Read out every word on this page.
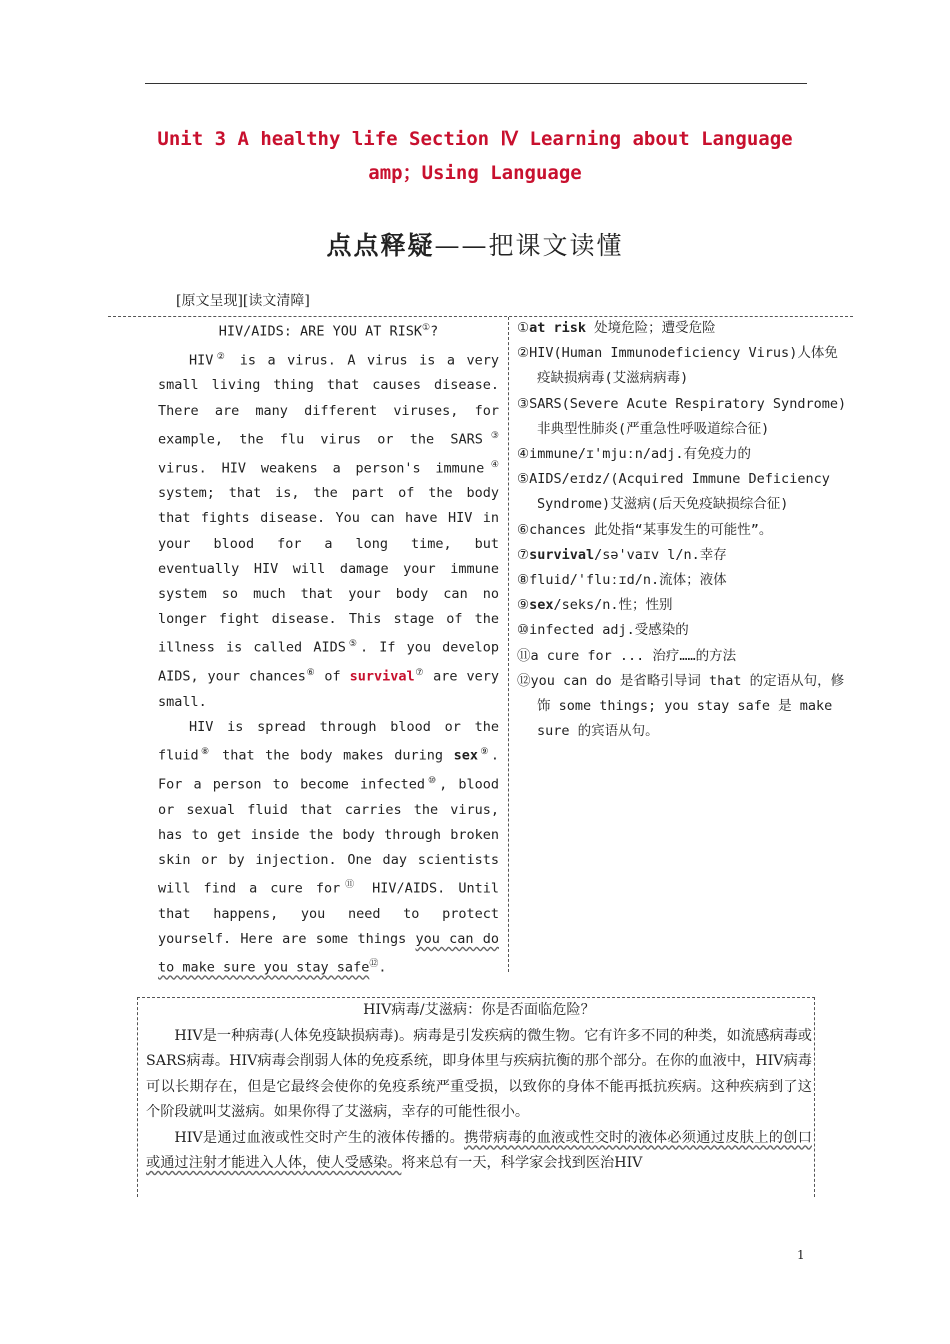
Unit 3 A healthy life Section Ⅳ Learning about Language
amp；Using Language
点点释疑——把课文读懂
[原文呈现][读文清障]
HIV/AIDS: ARE YOU AT RISK①?

HIV② is a virus. A virus is a very small living thing that causes disease. There are many different viruses, for example, the flu virus or the SARS③ virus. HIV weakens a person's immune④ system; that is, the part of the body that fights disease. You can have HIV in your blood for a long time, but eventually HIV will damage your immune system so much that your body can no longer fight disease. This stage of the illness is called AIDS⑤. If you develop AIDS, your chances⑥ of survival⑦ are very small.

HIV is spread through blood or the fluid⑧ that the body makes during sex⑨. For a person to become infected⑩, blood or sexual fluid that carries the virus, has to get inside the body through broken skin or by injection. One day scientists will find a cure for⑪ HIV/AIDS. Until that happens, you need to protect yourself. Here are some things you can do to make sure you stay safe⑫.

①at risk 处境危险；遭受危险
②HIV(Human Immunodeficiency Virus)人体免疫缺损病毒(艾滋病病毒)
③SARS(Severe Acute Respiratory Syndrome)非典型性肺炎(严重急性呼吸道综合征)
④immune/ɪ'mjuːn/adj.有免疫力的
⑤AIDS/eɪdz/(Acquired Immune Deficiency Syndrome)艾滋病(后天免疫缺损综合征)
⑥chances 此处指“某事发生的可能性”。
⑦survival/sə'vaɪv l/n.幸存
⑧fluid/'fluːɪd/n.流体；液体
⑨sex/seks/n.性；性别
⑩infected adj.受感染的
⑪a cure for ... 治疗……的方法
⑫you can do 是省略引导词 that 的定语从句，修饰 some things; you stay safe 是 make sure 的宾语从句。
HIV病毒/艾滋病：你是否面临危险？

HIV是一种病毒(人体免疫缺损病毒)。病毒是引发疾病的微生物。它有许多不同的种类，如流感病毒或SARS病毒。HIV病毒会削弱人体的免疫系统，即身体里与疾病抗衡的那个部分。在你的血液中，HIV病毒可以长期存在，但是它最终会使你的免疫系统严重受损，以致你的身体不能再抵抗疾病。这种疾病到了这个阶段就叫艾滋病。如果你得了艾滋病，幸存的可能性很小。

HIV是通过血液或性交时产生的液体传播的。携带病毒的血液或性交时的液体必须通过皮肤上的创口或通过注射才能进入人体，使人受感染。将来总有一天，科学家会找到医治HIV

1
